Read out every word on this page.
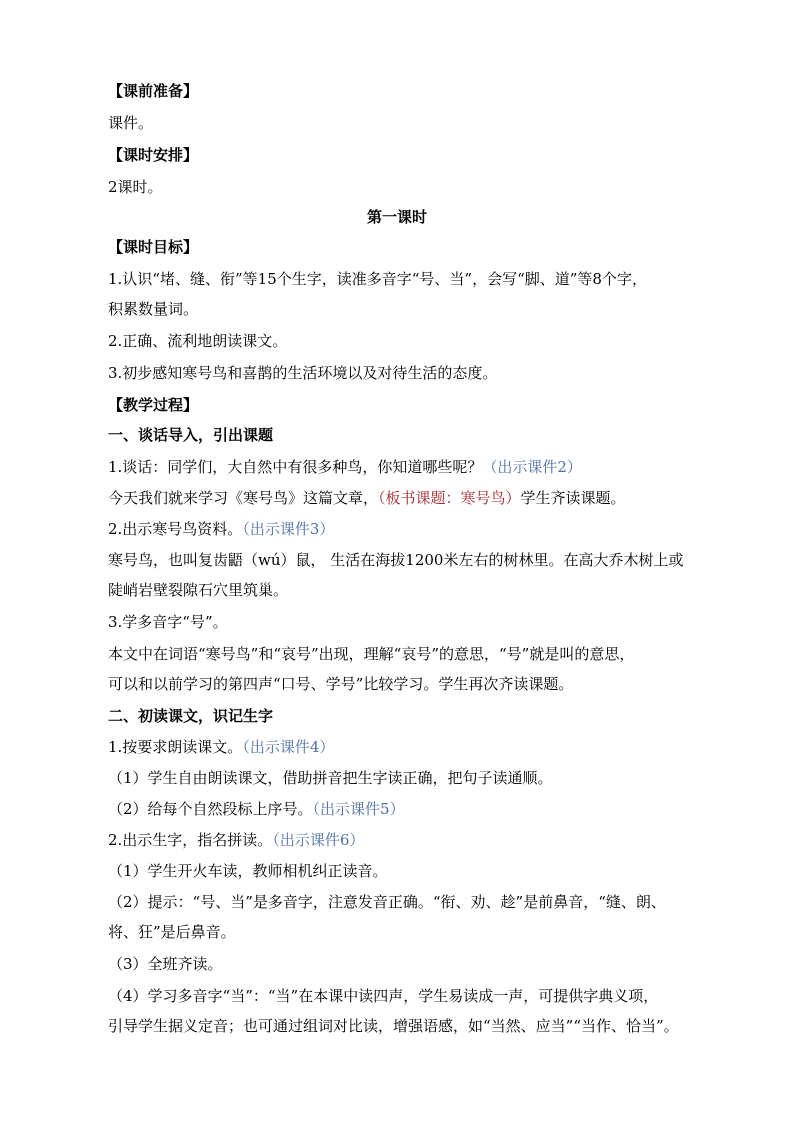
【课前准备】
课件。
【课时安排】
2课时。
第一课时
【课时目标】
1.认识“堵、缝、衔”等15个生字，读准多音字“号、当”，会写“脚、道”等8个字，
积累数量词。
2.正确、流利地朗读课文。
3.初步感知寒号鸟和喜鹊的生活环境以及对待生活的态度。
【教学过程】
一、谈话导入，引出课题
1.谈话：同学们，大自然中有很多种鸟，你知道哪些呢？（出示课件2）
今天我们就来学习《寒号鸟》这篇文章，（板书课题：寒号鸟）学生齐读课题。
2.出示寒号鸟资料。（出示课件3）
寒号鸟，也叫复齿鼯（wú）鼠， 生活在海拔1200米左右的树林里。在高大乔木树上或
陡峭岩壁裂隙石穴里筑巢。
3.学多音字“号”。
本文中在词语“寒号鸟”和“哀号”出现，理解“哀号”的意思，“号”就是叫的意思，
可以和以前学习的第四声“口号、学号”比较学习。学生再次齐读课题。
二、初读课文，识记生字
1.按要求朗读课文。（出示课件4）
（1）学生自由朗读课文，借助拼音把生字读正确，把句子读通顺。
（2）给每个自然段标上序号。（出示课件5）
2.出示生字，指名拼读。（出示课件6）
（1）学生开火车读，教师相机纠正读音。
（2）提示：“号、当”是多音字，注意发音正确。“衔、劝、趁”是前鼻音，“缝、朗、
将、狂”是后鼻音。
（3）全班齐读。
（4）学习多音字“当”：“当”在本课中读四声，学生易读成一声，可提供字典义项，
引导学生据义定音；也可通过组词对比读，增强语感，如“当然、应当”“当作、恰当”。
